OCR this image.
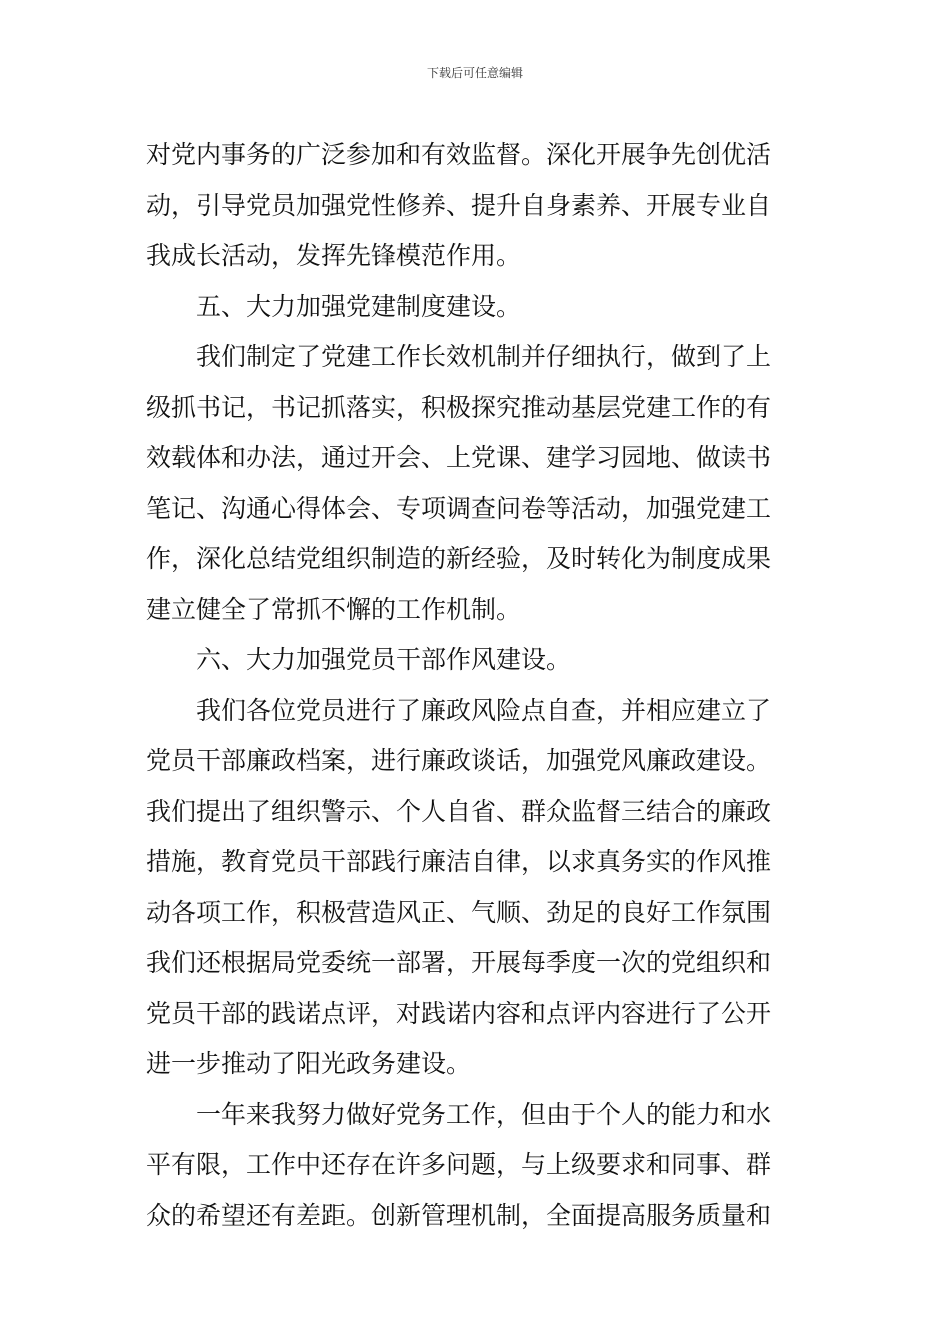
下载后可任意编辑
对党内事务的广泛参加和有效监督。深化开展争先创优活
动，引导党员加强党性修养、提升自身素养、开展专业自
我成长活动，发挥先锋模范作用。
五、大力加强党建制度建设。
我们制定了党建工作长效机制并仔细执行，做到了上
级抓书记，书记抓落实，积极探究推动基层党建工作的有
效载体和办法，通过开会、上党课、建学习园地、做读书
笔记、沟通心得体会、专项调查问卷等活动，加强党建工
作，深化总结党组织制造的新经验，及时转化为制度成果
建立健全了常抓不懈的工作机制。
六、大力加强党员干部作风建设。
我们各位党员进行了廉政风险点自查，并相应建立了
党员干部廉政档案，进行廉政谈话，加强党风廉政建设。
我们提出了组织警示、个人自省、群众监督三结合的廉政
措施，教育党员干部践行廉洁自律，以求真务实的作风推
动各项工作，积极营造风正、气顺、劲足的良好工作氛围
我们还根据局党委统一部署，开展每季度一次的党组织和
党员干部的践诺点评，对践诺内容和点评内容进行了公开
进一步推动了阳光政务建设。
一年来我努力做好党务工作，但由于个人的能力和水
平有限，工作中还存在许多问题，与上级要求和同事、群
众的希望还有差距。创新管理机制，全面提高服务质量和
